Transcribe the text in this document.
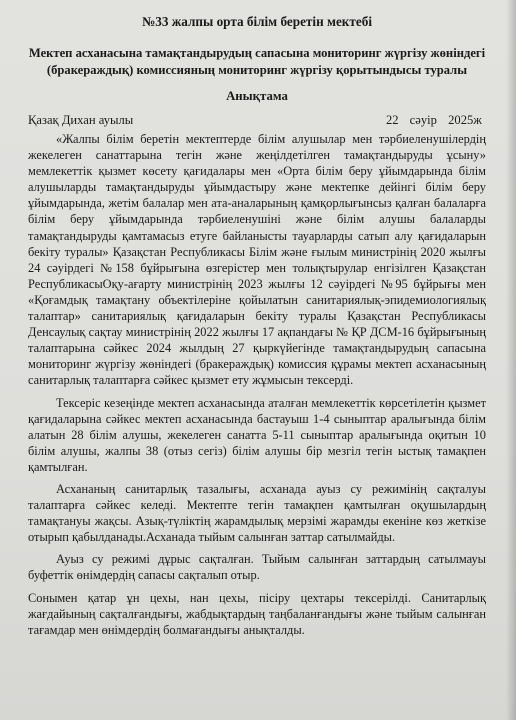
№33 жалпы орта білім беретін мектебі
Мектеп асханасына тамақтандырудың сапасына мониторинг жүргізу жөніндегі (бракераждық) комиссияның мониторинг жүргізу қорытындысы туралы
Анықтама
Қазақ Дихан ауылы	22 сәуір 2025ж

«Жалпы білім беретін мектептерде білім алушылар мен тәрбиеленушілердің жекелеген санаттарына тегін және жеңілдетілген тамақтандыруды ұсыну» мемлекеттік қызмет көсету қағидалары мен «Орта білім беру ұйымдарында білім алушыларды тамақтандыруды ұйымдастыру және мектепке дейінгі білім беру ұйымдарында, жетім балалар мен ата-аналарының қамқорлығынсыз қалған балаларға білім беру ұйымдарында тәрбиеленушіні және білім алушы балаларды тамақтандыруды қамтамасыз етуге байланысты тауарларды сатып алу қағидаларын бекіту туралы» Қазақстан Республикасы Білім және ғылым министрінің 2020 жылғы 24 сәуірдегі №158 бұйрығына өзгерістер мен толықтырулар енгізілген Қазақстан РеспубликасыОқу-ағарту министрінің 2023 жылғы 12 сәуірдегі №95 бұйрығы мен «Қоғамдық тамақтану объектілеріне қойылатын санитариялық-эпидемиологиялық талаптар» санитариялық қағидаларын бекіту туралы Қазақстан Республикасы Денсаулық сақтау министрінің 2022 жылғы 17 ақпандағы № ҚР ДСМ-16 бұйрығының талаптарына сәйкес 2024 жылдың 27 қыркүйегінде тамақтандырудың сапасына мониторинг жүргізу жөніндегі (бракераждық) комиссия құрамы мектеп асханасының санитарлық талаптарға сәйкес қызмет ету жұмысын тексерді.

Тексеріс кезеңінде мектеп асханасында аталған мемлекеттік көрсетілетін қызмет қағидаларына сәйкес мектеп асханасында бастауыш 1-4 сыныптар аралығында білім алатын 28 білім алушы, жекелеген санатта 5-11 сыныптар аралығында оқитын 10 білім алушы, жалпы 38 (отыз сегіз) білім алушы бір мезгіл тегін ыстық тамақпен қамтылған.

Асхананың санитарлық тазалығы, асханада ауыз су режимінің сақталуы талаптарға сәйкес келеді. Мектепте тегін тамақпен қамтылған оқушылардың тамақтануы жақсы. Азық-түліктің жарамдылық мерзімі жарамды екеніне көз жеткізе отырып қабылданады.Асханада тыйым салынған заттар сатылмайды.

Ауыз су режимі дұрыс сақталған. Тыйым салынған заттардың сатылмауы буфеттік өнімдердің сапасы сақталып отыр.

Сонымен қатар ұн цехы, нан цехы, пісіру цехтары тексерілді. Санитарлық жағдайының сақталғандығы, жабдықтардың таңбаланғандығы және тыйым салынған тағамдар мен өнімдердің болмағандығы анықталды.
